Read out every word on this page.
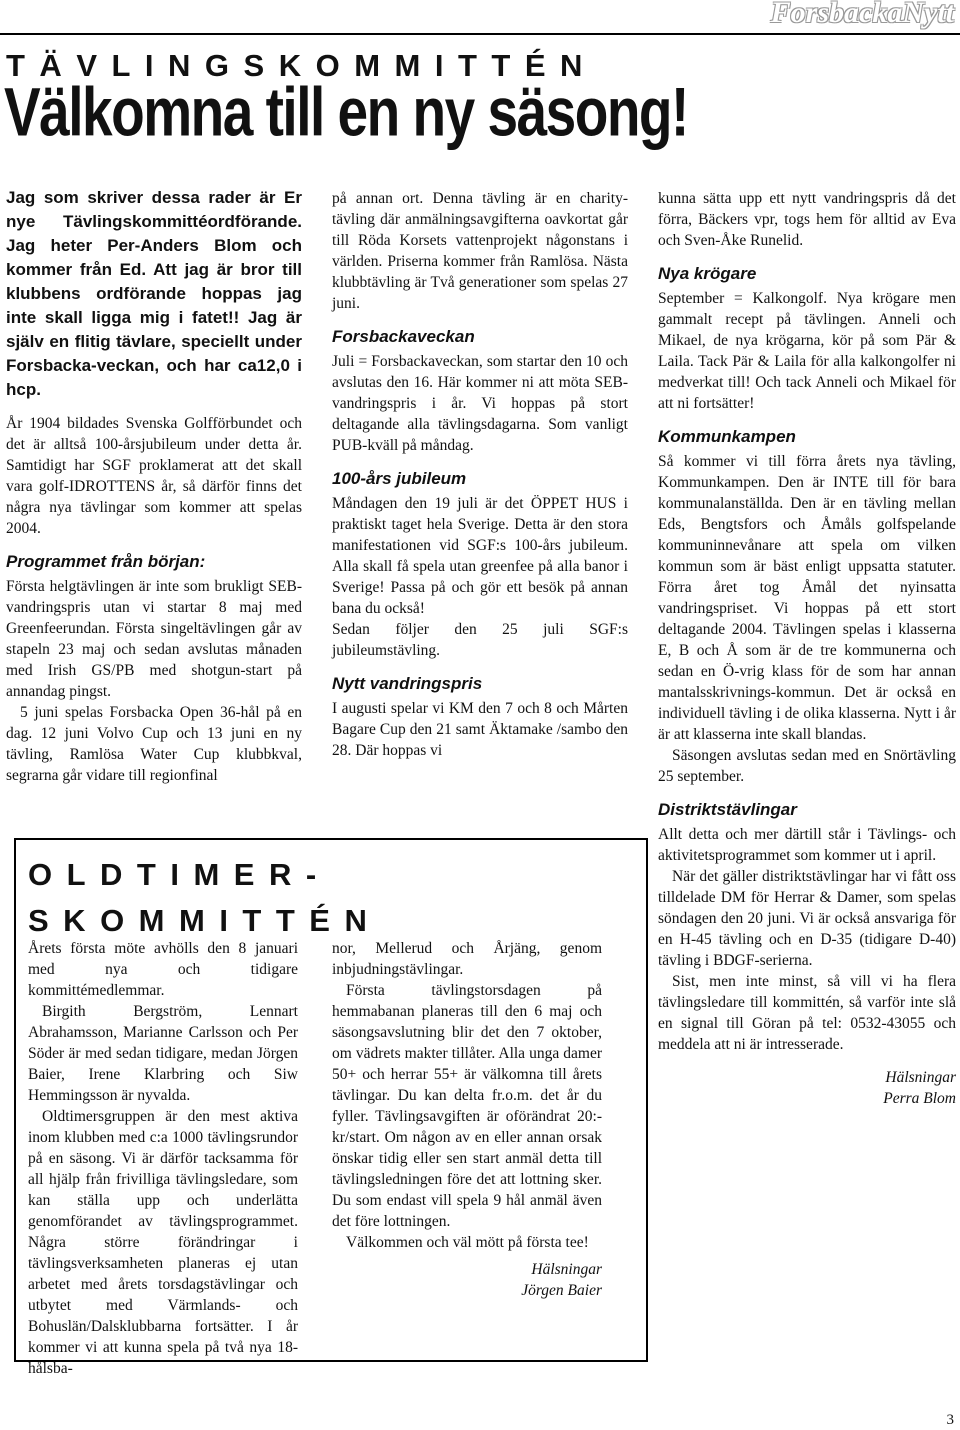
ForsbackaNytt
TÄVLINGSKOMMITTÉN
Välkomna till en ny säsong!

Jag som skriver dessa rader är Er nye Tävlingskommittéordförande. Jag heter Per-Anders Blom och kommer från Ed. Att jag är bror till klubbens ordförande hoppas jag inte skall ligga mig i fatet!! Jag är själv en flitig tävlare, speciellt under Forsbacka-veckan, och har ca12,0 i hcp.

År 1904 bildades Svenska Golfförbundet och det är alltså 100-årsjubileum under detta år. Samtidigt har SGF proklamerat att det skall vara golf-IDROTTENS år, så därför finns det några nya tävlingar som kommer att spelas 2004.

Programmet från början:

Första helgtävlingen är inte som brukligt SEB-vandringspris utan vi startar 8 maj med Greenfeerundan. Första singeltävlingen går av stapeln 23 maj och sedan avslutas månaden med Irish GS/PB med shotgun-start på annandag pingst.

5 juni spelas Forsbacka Open 36-hål på en dag. 12 juni Volvo Cup och 13 juni en ny tävling, Ramlösa Water Cup klubbkval, segrarna går vidare till regionfinal

på annan ort. Denna tävling är en charity-tävling där anmälningsavgifterna oavkortat går till Röda Korsets vattenprojekt någonstans i världen. Priserna kommer från Ramlösa. Nästa klubbtävling är Två generationer som spelas 27 juni.

Forsbackaveckan

Juli = Forsbackaveckan, som startar den 10 och avslutas den 16. Här kommer ni att möta SEB-vandringspris i år. Vi hoppas på stort deltagande alla tävlingsdagarna. Som vanligt PUB-kväll på måndag.

100-års jubileum

Måndagen den 19 juli är det ÖPPET HUS i praktiskt taget hela Sverige. Detta är den stora manifestationen vid SGF:s 100-års jubileum. Alla skall få spela utan greenfee på alla banor i Sverige! Passa på och gör ett besök på annan bana du också!

Sedan följer den 25 juli SGF:s jubileumstävling.

Nytt vandringspris

I augusti spelar vi KM den 7 och 8 och Mårten Bagare Cup den 21 samt Äktamake /sambo den 28. Där hoppas vi

kunna sätta upp ett nytt vandringspris då det förra, Bäckers vpr, togs hem för alltid av Eva och Sven-Åke Runelid.

Nya krögare

September = Kalkongolf. Nya krögare men gammalt recept på tävlingen. Anneli och Mikael, de nya krögarna, kör på som Pär & Laila. Tack Pär & Laila för alla kalkongolfer ni medverkat till! Och tack Anneli och Mikael för att ni fortsätter!

Kommunkampen

Så kommer vi till förra årets nya tävling, Kommunkampen. Den är INTE till för bara kommunalanställda. Den är en tävling mellan Eds, Bengtsfors och Åmåls golfspelande kommuninnevånare att spela om vilken kommun som är bäst enligt uppsatta statuter. Förra året tog Åmål det nyinsatta vandringspriset. Vi hoppas på ett stort deltagande 2004. Tävlingen spelas i klasserna E, B och Å som är de tre kommunerna och sedan en Ö-vrig klass för de som har annan mantalsskrivnings-kommun. Det är också en individuell tävling i de olika klasserna. Nytt i år är att klasserna inte skall blandas.

Säsongen avslutas sedan med en Snörtävling 25 september.

Distriktstävlingar

Allt detta och mer därtill står i Tävlings- och aktivitetsprogrammet som kommer ut i april.

När det gäller distriktstävlingar har vi fått oss tilldelade DM för Herrar & Damer, som spelas söndagen den 20 juni. Vi är också ansvariga för en H-45 tävling och en D-35 (tidigare D-40) tävling i BDGF-serierna.

Sist, men inte minst, så vill vi ha flera tävlingsledare till kommittén, så varför inte slå en signal till Göran på tel: 0532-43055 och meddela att ni är intresserade.

Hälsningar

Perra Blom

OLDTIMER-
SKOMMITTÉN

Årets första möte avhölls den 8 januari med nya och tidigare kommittémedlemmar.

Birgith Bergström, Lennart Abrahamsson, Marianne Carlsson och Per Söder är med sedan tidigare, medan Jörgen Baier, Irene Klarbring och Siw Hemmingsson är nyvalda.

Oldtimersgruppen är den mest aktiva inom klubben med c:a 1000 tävlingsrundor på en säsong. Vi är därför tacksamma för all hjälp från frivilliga tävlingsledare, som kan ställa upp och underlätta genomförandet av tävlingsprogrammet. Några större förändringar i tävlingsverksamheten planeras ej utan arbetet med årets torsdagstävlingar och utbytet med Värmlands- och Bohuslän/Dalsklubbarna fortsätter. I år kommer vi att kunna spela på två nya 18-hålsba-

nor, Mellerud och Årjäng, genom inbjudningstävlingar.

Första tävlingstorsdagen på hemmabanan planeras till den 6 maj och säsongsavslutning blir det den 7 oktober, om vädrets makter tillåter. Alla unga damer 50+ och herrar 55+ är välkomna till årets tävlingar. Du kan delta fr.o.m. det år du fyller. Tävlingsavgiften är oförändrat 20:-kr/start. Om någon av en eller annan orsak önskar tidig eller sen start anmäl detta till tävlingsledningen före det att lottning sker. Du som endast vill spela 9 hål anmäl även det före lottningen.

Välkommen och väl mött på första tee!

Hälsningar

Jörgen Baier

3
